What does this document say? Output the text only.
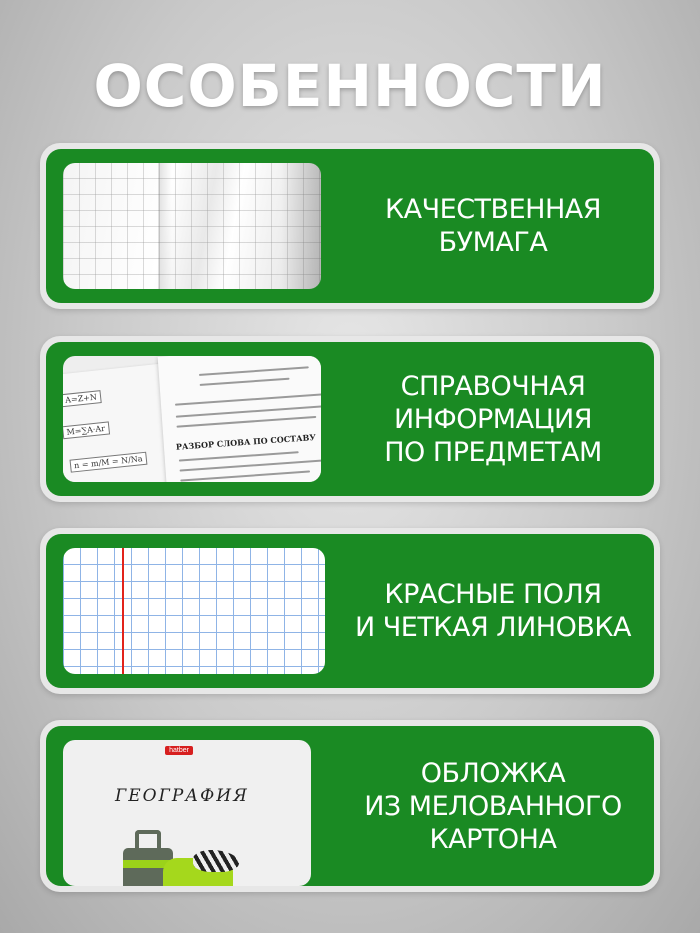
ОСОБЕННОСТИ
КАЧЕСТВЕННАЯ
БУМАГА
A=Z+N
M=∑A·Ar
n = m/M = N/Na
РАЗБОР СЛОВА ПО СОСТАВУ
СПРАВОЧНАЯ
ИНФОРМАЦИЯ
ПО ПРЕДМЕТАМ
КРАСНЫЕ ПОЛЯ
И ЧЕТКАЯ ЛИНОВКА
hatber
ГЕОГРАФИЯ
ОБЛОЖКА
ИЗ МЕЛОВАННОГО
КАРТОНА
